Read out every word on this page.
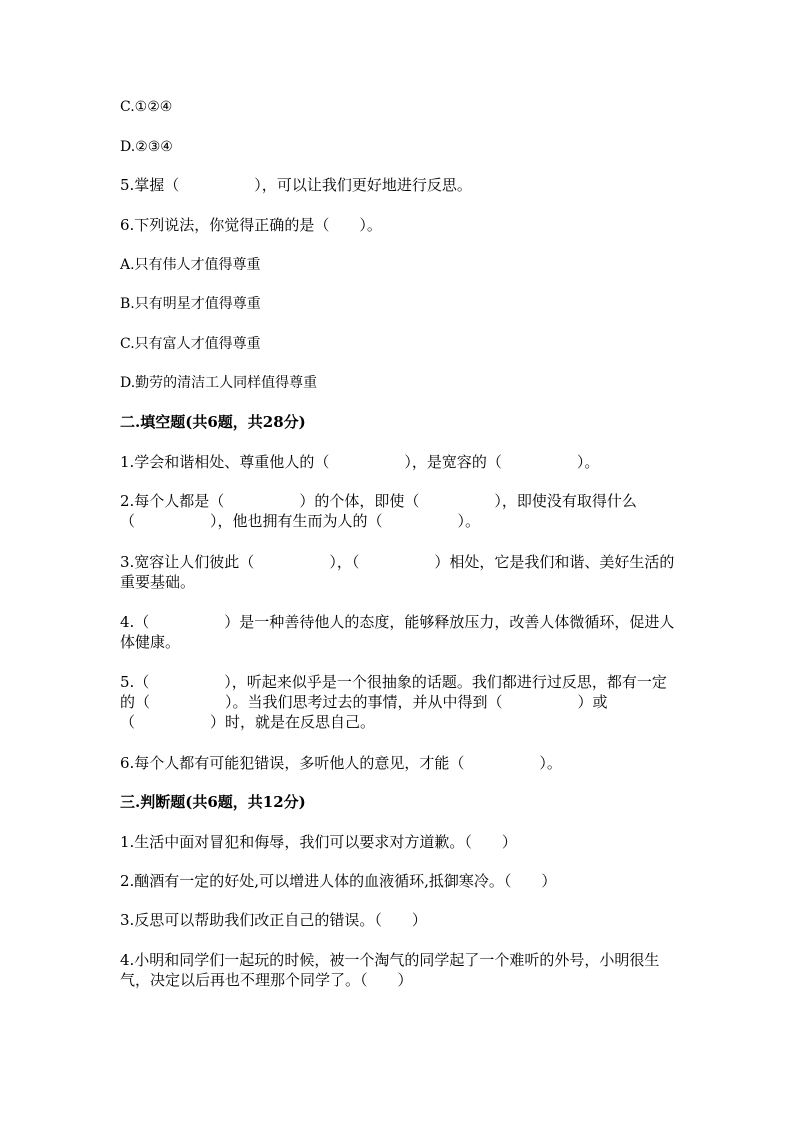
C.①②④
D.②③④
5.掌握（　　　　　），可以让我们更好地进行反思。
6.下列说法，你觉得正确的是（　　）。
A.只有伟人才值得尊重
B.只有明星才值得尊重
C.只有富人才值得尊重
D.勤劳的清洁工人同样值得尊重
二.填空题(共6题，共28分)
1.学会和谐相处、尊重他人的（　　　　　），是宽容的（　　　　　）。
2.每个人都是（　　　　　）的个体，即使（　　　　　），即使没有取得什么（　　　　　），他也拥有生而为人的（　　　　　）。
3.宽容让人们彼此（　　　　　），（　　　　　）相处，它是我们和谐、美好生活的重要基础。
4.（　　　　　）是一种善待他人的态度，能够释放压力，改善人体微循环，促进人体健康。
5.（　　　　　），听起来似乎是一个很抽象的话题。我们都进行过反思，都有一定的（　　　　　）。当我们思考过去的事情，并从中得到（　　　　　）或（　　　　　）时，就是在反思自己。
6.每个人都有可能犯错误，多听他人的意见，才能（　　　　　）。
三.判断题(共6题，共12分)
1.生活中面对冒犯和侮辱，我们可以要求对方道歉。（　　）
2.酗酒有一定的好处,可以增进人体的血液循环,抵御寒冷。（　　）
3.反思可以帮助我们改正自己的错误。（　　）
4.小明和同学们一起玩的时候，被一个淘气的同学起了一个难听的外号，小明很生气，决定以后再也不理那个同学了。（　　）
